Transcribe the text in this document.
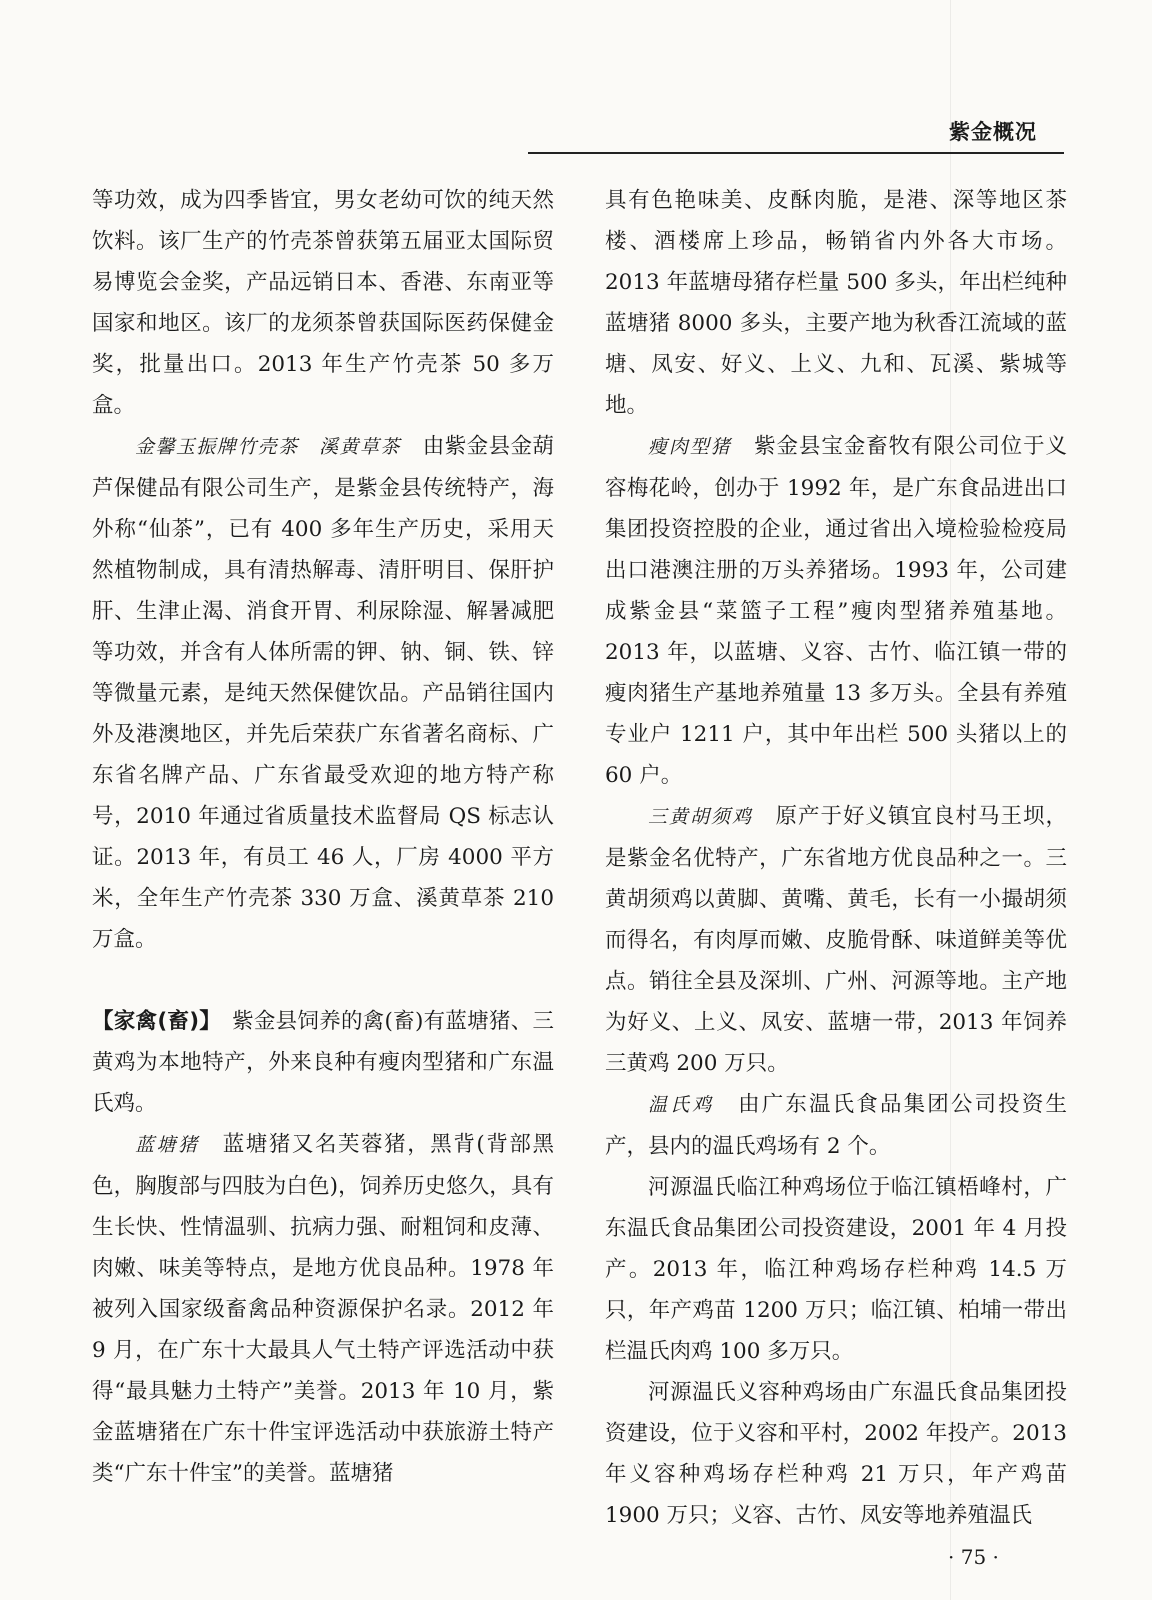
紫金概况

等功效，成为四季皆宜，男女老幼可饮的纯天然饮料。该厂生产的竹壳茶曾获第五届亚太国际贸易博览会金奖，产品远销日本、香港、东南亚等国家和地区。该厂的龙须茶曾获国际医药保健金奖，批量出口。2013 年生产竹壳茶 50 多万盒。

金馨玉振牌竹壳茶　溪黄草茶　由紫金县金葫芦保健品有限公司生产，是紫金县传统特产，海外称“仙茶”，已有 400 多年生产历史，采用天然植物制成，具有清热解毒、清肝明目、保肝护肝、生津止渴、消食开胃、利尿除湿、解暑减肥等功效，并含有人体所需的钾、钠、铜、铁、锌等微量元素，是纯天然保健饮品。产品销往国内外及港澳地区，并先后荣获广东省著名商标、广东省名牌产品、广东省最受欢迎的地方特产称号，2010 年通过省质量技术监督局 QS 标志认证。2013 年，有员工 46 人，厂房 4000 平方米，全年生产竹壳茶 330 万盒、溪黄草茶 210 万盒。

【家禽(畜)】　紫金县饲养的禽(畜)有蓝塘猪、三黄鸡为本地特产，外来良种有瘦肉型猪和广东温氏鸡。

蓝塘猪　蓝塘猪又名芙蓉猪，黑背(背部黑色，胸腹部与四肢为白色)，饲养历史悠久，具有生长快、性情温驯、抗病力强、耐粗饲和皮薄、肉嫩、味美等特点，是地方优良品种。1978 年被列入国家级畜禽品种资源保护名录。2012 年 9 月，在广东十大最具人气土特产评选活动中获得“最具魅力土特产”美誉。2013 年 10 月，紫金蓝塘猪在广东十件宝评选活动中获旅游土特产类“广东十件宝”的美誉。蓝塘猪

具有色艳味美、皮酥肉脆，是港、深等地区茶楼、酒楼席上珍品，畅销省内外各大市场。2013 年蓝塘母猪存栏量 500 多头，年出栏纯种蓝塘猪 8000 多头，主要产地为秋香江流域的蓝塘、凤安、好义、上义、九和、瓦溪、紫城等地。

瘦肉型猪　紫金县宝金畜牧有限公司位于义容梅花岭，创办于 1992 年，是广东食品进出口集团投资控股的企业，通过省出入境检验检疫局出口港澳注册的万头养猪场。1993 年，公司建成紫金县“菜篮子工程”瘦肉型猪养殖基地。2013 年，以蓝塘、义容、古竹、临江镇一带的瘦肉猪生产基地养殖量 13 多万头。全县有养殖专业户 1211 户，其中年出栏 500 头猪以上的 60 户。

三黄胡须鸡　原产于好义镇宜良村马王坝，是紫金名优特产，广东省地方优良品种之一。三黄胡须鸡以黄脚、黄嘴、黄毛，长有一小撮胡须而得名，有肉厚而嫩、皮脆骨酥、味道鲜美等优点。销往全县及深圳、广州、河源等地。主产地为好义、上义、凤安、蓝塘一带，2013 年饲养三黄鸡 200 万只。

温氏鸡　由广东温氏食品集团公司投资生产，县内的温氏鸡场有 2 个。

河源温氏临江种鸡场位于临江镇梧峰村，广东温氏食品集团公司投资建设，2001 年 4 月投产。2013 年，临江种鸡场存栏种鸡 14.5 万只，年产鸡苗 1200 万只；临江镇、柏埔一带出栏温氏肉鸡 100 多万只。

河源温氏义容种鸡场由广东温氏食品集团投资建设，位于义容和平村，2002 年投产。2013 年义容种鸡场存栏种鸡 21 万只，年产鸡苗 1900 万只；义容、古竹、凤安等地养殖温氏

· 75 ·
